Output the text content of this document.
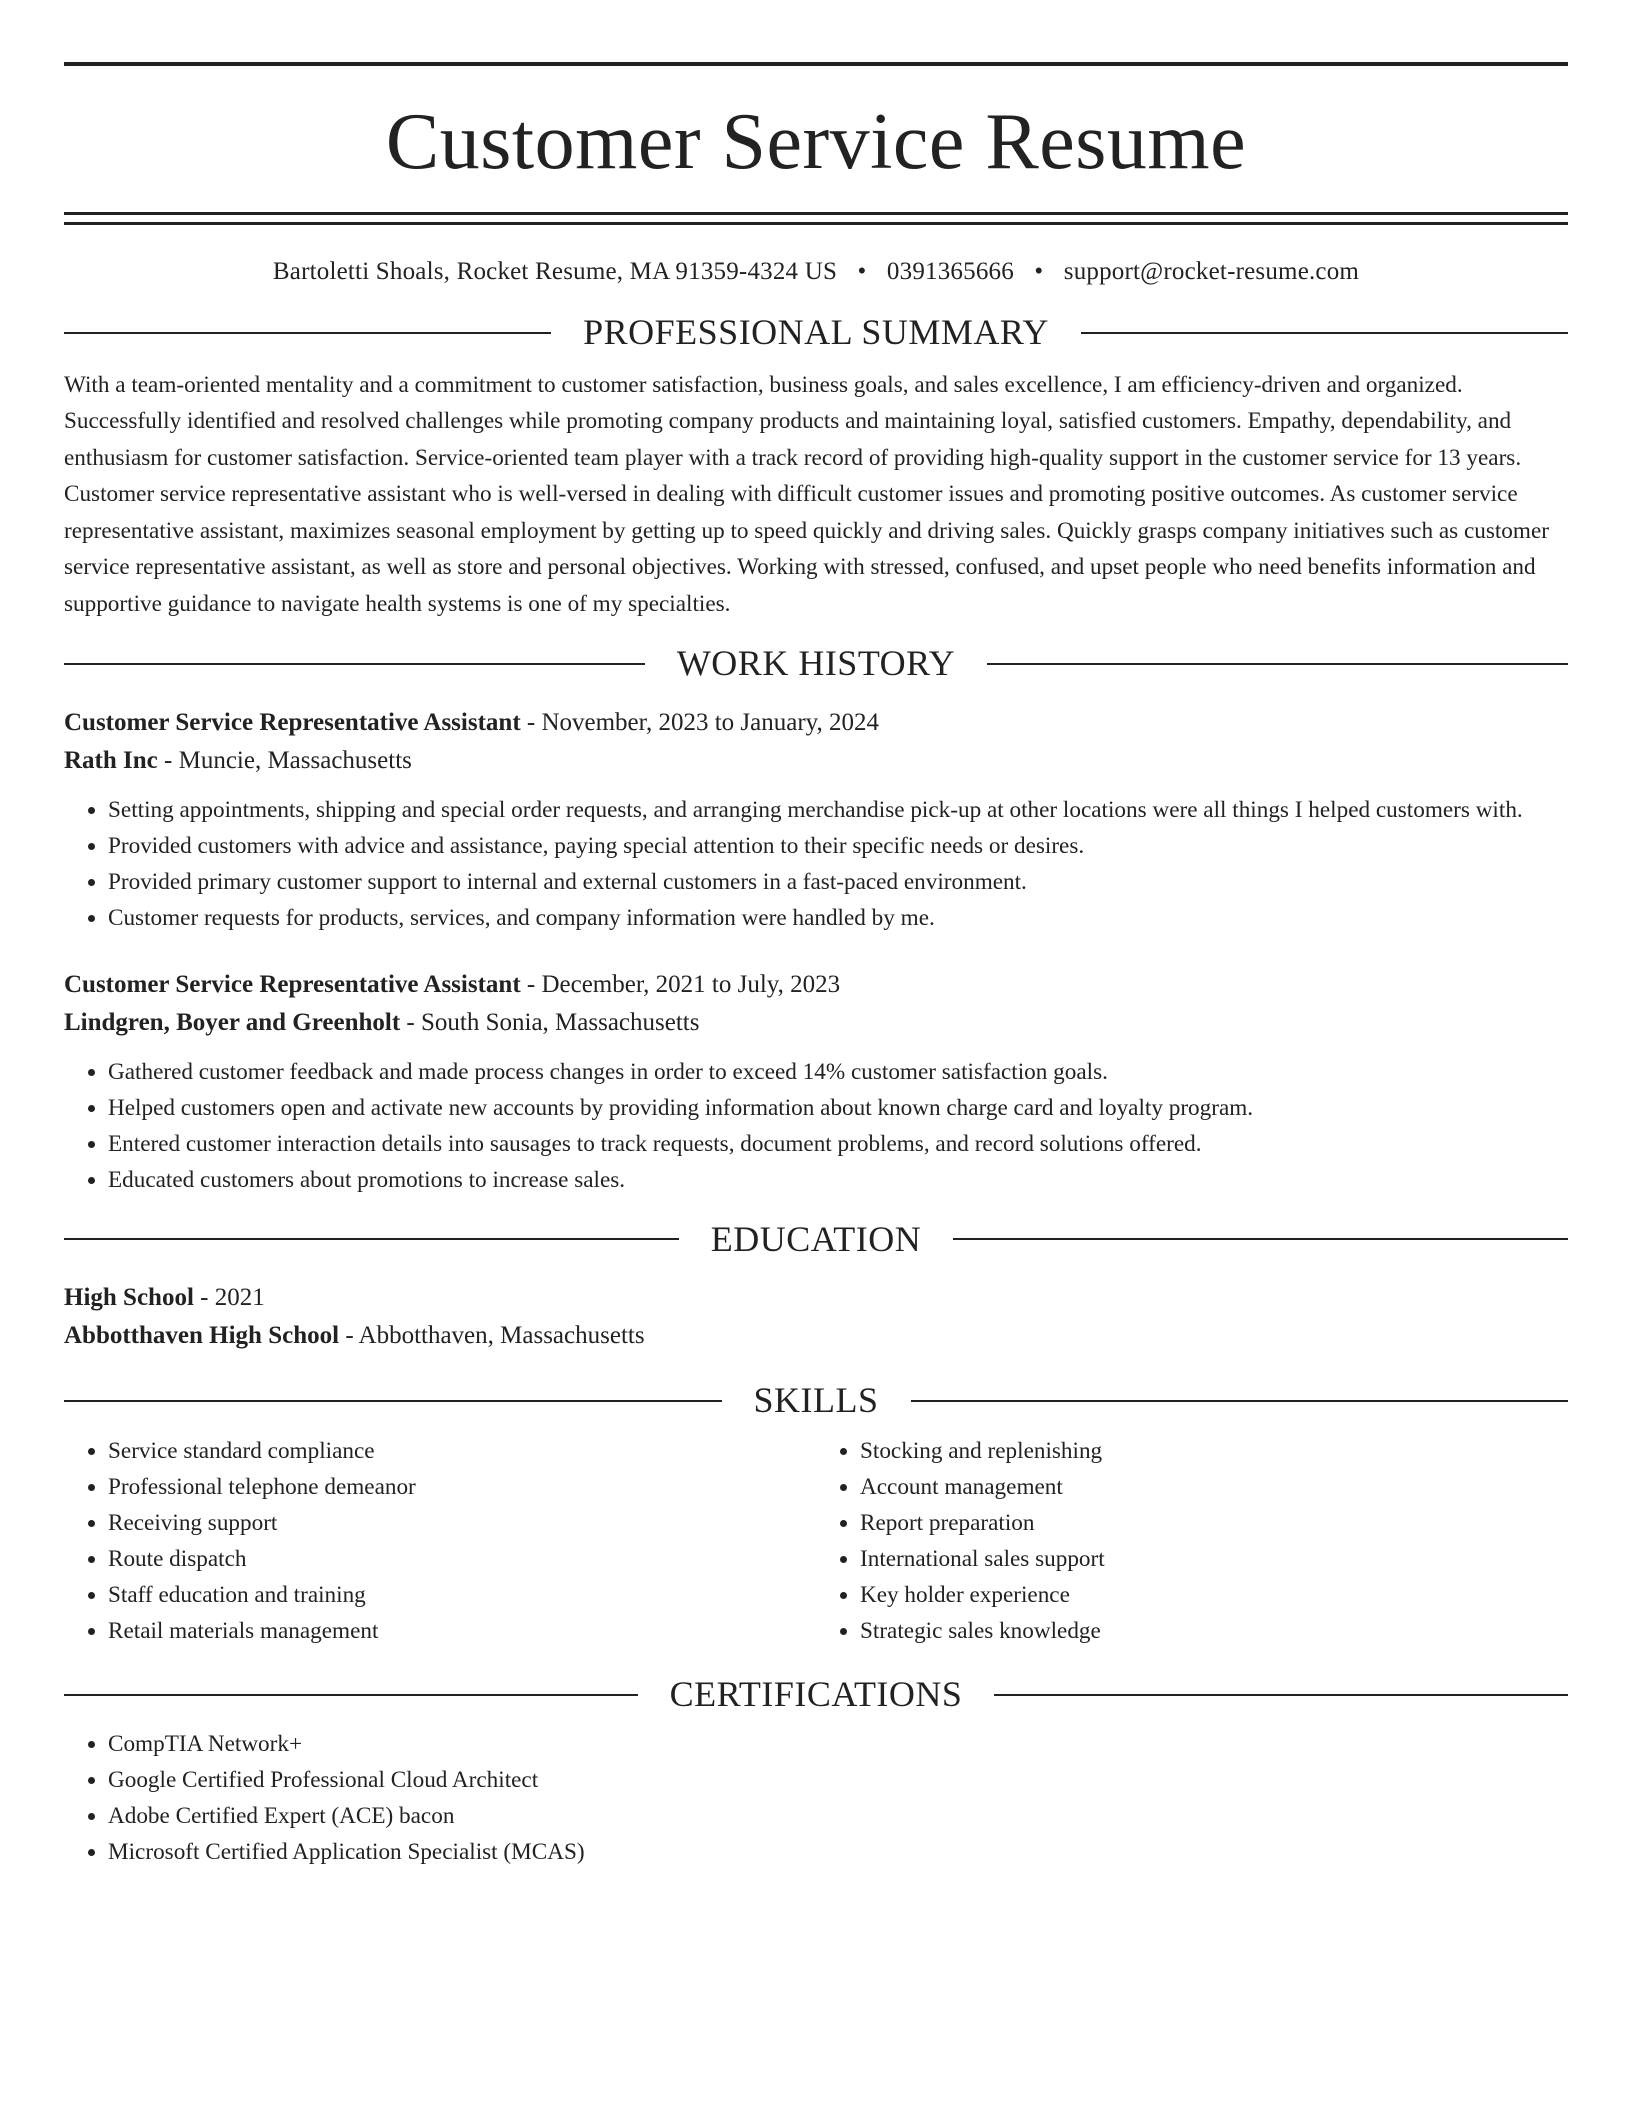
Customer Service Resume
Bartoletti Shoals, Rocket Resume, MA 91359-4324 US • 0391365666 • support@rocket-resume.com
PROFESSIONAL SUMMARY

With a team-oriented mentality and a commitment to customer satisfaction, business goals, and sales excellence, I am efficiency-driven and organized. Successfully identified and resolved challenges while promoting company products and maintaining loyal, satisfied customers. Empathy, dependability, and enthusiasm for customer satisfaction. Service-oriented team player with a track record of providing high-quality support in the customer service for 13 years. Customer service representative assistant who is well-versed in dealing with difficult customer issues and promoting positive outcomes. As customer service representative assistant, maximizes seasonal employment by getting up to speed quickly and driving sales. Quickly grasps company initiatives such as customer service representative assistant, as well as store and personal objectives. Working with stressed, confused, and upset people who need benefits information and supportive guidance to navigate health systems is one of my specialties.

WORK HISTORY
Customer Service Representative Assistant - November, 2023 to January, 2024
Rath Inc - Muncie, Massachusetts
• Setting appointments, shipping and special order requests, and arranging merchandise pick-up at other locations were all things I helped customers with.
• Provided customers with advice and assistance, paying special attention to their specific needs or desires.
• Provided primary customer support to internal and external customers in a fast-paced environment.
• Customer requests for products, services, and company information were handled by me.
Customer Service Representative Assistant - December, 2021 to July, 2023
Lindgren, Boyer and Greenholt - South Sonia, Massachusetts
• Gathered customer feedback and made process changes in order to exceed 14% customer satisfaction goals.
• Helped customers open and activate new accounts by providing information about known charge card and loyalty program.
• Entered customer interaction details into sausages to track requests, document problems, and record solutions offered.
• Educated customers about promotions to increase sales.
EDUCATION
High School - 2021
Abbotthaven High School - Abbotthaven, Massachusetts
SKILLS
• Service standard compliance
• Professional telephone demeanor
• Receiving support
• Route dispatch
• Staff education and training
• Retail materials management
• Stocking and replenishing
• Account management
• Report preparation
• International sales support
• Key holder experience
• Strategic sales knowledge
CERTIFICATIONS
• CompTIA Network+
• Google Certified Professional Cloud Architect
• Adobe Certified Expert (ACE) bacon
• Microsoft Certified Application Specialist (MCAS)
